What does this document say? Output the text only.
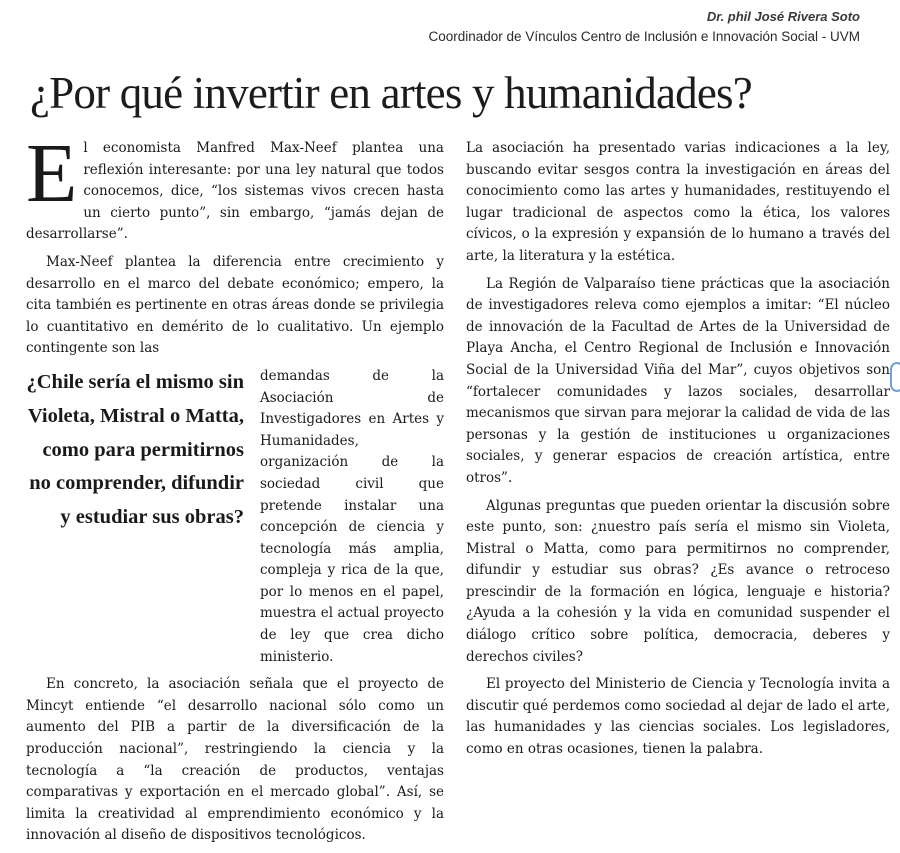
Dr. phil José Rivera Soto
Coordinador de Vínculos Centro de Inclusión e Innovación Social - UVM
¿Por qué invertir en artes y humanidades?

El economista Manfred Max-Neef plantea una reflexión interesante: por una ley natural que todos conocemos, dice, “los sistemas vivos crecen hasta un cierto punto”, sin embargo, “jamás dejan de desarrollarse”.

Max-Neef plantea la diferencia entre crecimiento y desarrollo en el marco del debate económico; empero, la cita también es pertinente en otras áreas donde se privilegia lo cuantitativo en demérito de lo cualitativo. Un ejemplo contingente son las

¿Chile sería el mismo sin Violeta, Mistral o Matta, como para permitirnos no comprender, difundir y estudiar sus obras?
demandas de la Asociación de Investigadores en Artes y Humanidades, organización de la sociedad civil que pretende instalar una concepción de ciencia y tecnología más amplia, compleja y rica de la que, por lo menos en el papel, muestra el actual proyecto de ley que crea dicho ministerio.

En concreto, la asociación señala que el proyecto de Mincyt entiende “el desarrollo nacional sólo como un aumento del PIB a partir de la diversificación de la producción nacional”, restringiendo la ciencia y la tecnología a “la creación de productos, ventajas comparativas y exportación en el mercado global”. Así, se limita la creatividad al emprendimiento económico y la innovación al diseño de dispositivos tecnológicos.

La asociación ha presentado varias indicaciones a la ley, buscando evitar sesgos contra la investigación en áreas del conocimiento como las artes y humanidades, restituyendo el lugar tradicional de aspectos como la ética, los valores cívicos, o la expresión y expansión de lo humano a través del arte, la literatura y la estética.

La Región de Valparaíso tiene prácticas que la asociación de investigadores releva como ejemplos a imitar: “El núcleo de innovación de la Facultad de Artes de la Universidad de Playa Ancha, el Centro Regional de Inclusión e Innovación Social de la Universidad Viña del Mar”, cuyos objetivos son “fortalecer comunidades y lazos sociales, desarrollar mecanismos que sirvan para mejorar la calidad de vida de las personas y la gestión de instituciones u organizaciones sociales, y generar espacios de creación artística, entre otros”.

Algunas preguntas que pueden orientar la discusión sobre este punto, son: ¿nuestro país sería el mismo sin Violeta, Mistral o Matta, como para permitirnos no comprender, difundir y estudiar sus obras? ¿Es avance o retroceso prescindir de la formación en lógica, lenguaje e historia? ¿Ayuda a la cohesión y la vida en comunidad suspender el diálogo crítico sobre política, democracia, deberes y derechos civiles?

El proyecto del Ministerio de Ciencia y Tecnología invita a discutir qué perdemos como sociedad al dejar de lado el arte, las humanidades y las ciencias sociales. Los legisladores, como en otras ocasiones, tienen la palabra.
